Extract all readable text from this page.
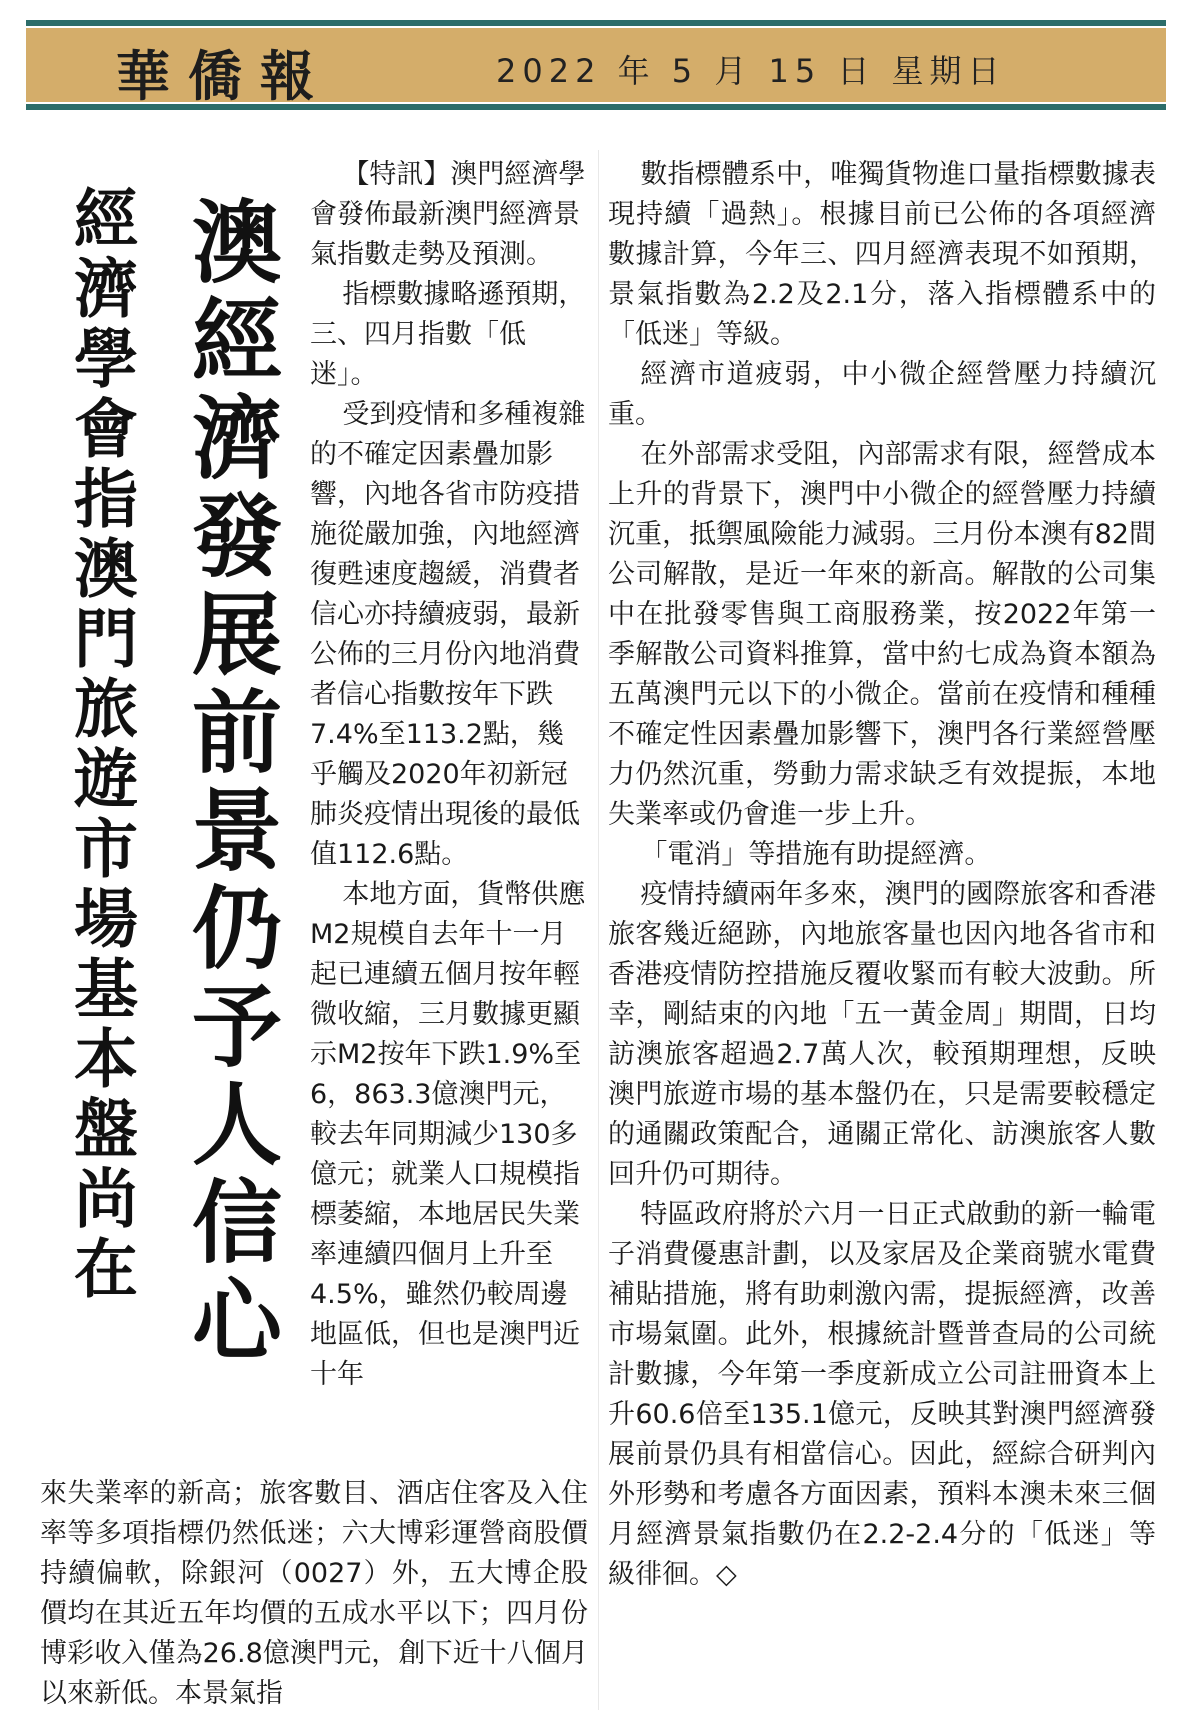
華僑報	2022 年 5 月 15 日 星期日
澳經濟發展前景仍予人信心
經濟學會指澳門旅遊市場基本盤尚在

【特訊】澳門經濟學會發佈最新澳門經濟景氣指數走勢及預測。

指標數據略遜預期，三、四月指數「低迷」。

受到疫情和多種複雜的不確定因素疊加影響，內地各省市防疫措施從嚴加強，內地經濟復甦速度趨緩，消費者信心亦持續疲弱，最新公佈的三月份內地消費者信心指數按年下跌7.4%至113.2點，幾乎觸及2020年初新冠肺炎疫情出現後的最低值112.6點。

本地方面，貨幣供應M2規模自去年十一月起已連續五個月按年輕微收縮，三月數據更顯示M2按年下跌1.9%至6，863.3億澳門元，較去年同期減少130多億元；就業人口規模指標萎縮，本地居民失業率連續四個月上升至4.5%，雖然仍較周邊地區低，但也是澳門近十年

來失業率的新高；旅客數目、酒店住客及入住率等多項指標仍然低迷；六大博彩運營商股價持續偏軟，除銀河（0027）外，五大博企股價均在其近五年均價的五成水平以下；四月份博彩收入僅為26.8億澳門元，創下近十八個月以來新低。本景氣指

數指標體系中，唯獨貨物進口量指標數據表現持續「過熱」。根據目前已公佈的各項經濟數據計算，今年三、四月經濟表現不如預期，景氣指數為2.2及2.1分，落入指標體系中的「低迷」等級。

經濟市道疲弱，中小微企經營壓力持續沉重。

在外部需求受阻，內部需求有限，經營成本上升的背景下，澳門中小微企的經營壓力持續沉重，抵禦風險能力減弱。三月份本澳有82間公司解散，是近一年來的新高。解散的公司集中在批發零售與工商服務業，按2022年第一季解散公司資料推算，當中約七成為資本額為五萬澳門元以下的小微企。當前在疫情和種種不確定性因素疊加影響下，澳門各行業經營壓力仍然沉重，勞動力需求缺乏有效提振，本地失業率或仍會進一步上升。

「電消」等措施有助提經濟。

疫情持續兩年多來，澳門的國際旅客和香港旅客幾近絕跡，內地旅客量也因內地各省市和香港疫情防控措施反覆收緊而有較大波動。所幸，剛結束的內地「五一黃金周」期間，日均訪澳旅客超過2.7萬人次，較預期理想，反映澳門旅遊市場的基本盤仍在，只是需要較穩定的通關政策配合，通關正常化、訪澳旅客人數回升仍可期待。

特區政府將於六月一日正式啟動的新一輪電子消費優惠計劃，以及家居及企業商號水電費補貼措施，將有助刺激內需，提振經濟，改善市場氣圍。此外，根據統計暨普查局的公司統計數據，今年第一季度新成立公司註冊資本上升60.6倍至135.1億元，反映其對澳門經濟發展前景仍具有相當信心。因此，經綜合研判內外形勢和考慮各方面因素，預料本澳未來三個月經濟景氣指數仍在2.2-2.4分的「低迷」等級徘徊。◇
